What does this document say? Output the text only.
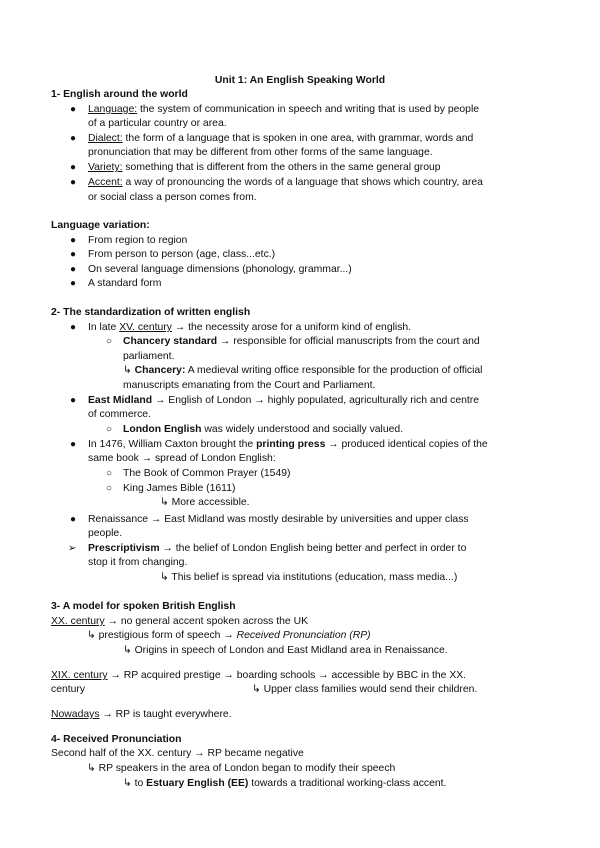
Unit 1: An English Speaking World
1- English around the world
● Language: the system of communication in speech and writing that is used by people
of a particular country or area.
● Dialect: the form of a language that is spoken in one area, with grammar, words and
pronunciation that may be different from other forms of the same language.
● Variety: something that is different from the others in the same general group
● Accent: a way of pronouncing the words of a language that shows which country, area
or social class a person comes from.
Language variation:
● From region to region
● From person to person (age, class...etc.)
● On several language dimensions (phonology, grammar...)
● A standard form
2- The standardization of written english
● In late XV. century → the necessity arose for a uniform kind of english.
○ Chancery standard → responsible for official manuscripts from the court and
parliament.
↳ Chancery: A medieval writing office responsible for the production of official
manuscripts emanating from the Court and Parliament.
● East Midland → English of London → highly populated, agriculturally rich and centre
of commerce.
○ London English was widely understood and socially valued.
● In 1476, William Caxton brought the printing press → produced identical copies of the
same book → spread of London English:
○ The Book of Common Prayer (1549)
○ King James Bible (1611)
↳ More accessible.
● Renaissance → East Midland was mostly desirable by universities and upper class
people.
➢ Prescriptivism → the belief of London English being better and perfect in order to
stop it from changing.
↳ This belief is spread via institutions (education, mass media...)
3- A model for spoken British English
XX. century → no general accent spoken across the UK
↳ prestigious form of speech → Received Pronunciation (RP)
↳ Origins in speech of London and East Midland area in Renaissance.
XIX. century → RP acquired prestige → boarding schools → accessible by BBC in the XX.
century	↳ Upper class families would send their children.
Nowadays → RP is taught everywhere.
4- Received Pronunciation
Second half of the XX. century → RP became negative
↳ RP speakers in the area of London began to modify their speech
↳ to Estuary English (EE) towards a traditional working-class accent.
